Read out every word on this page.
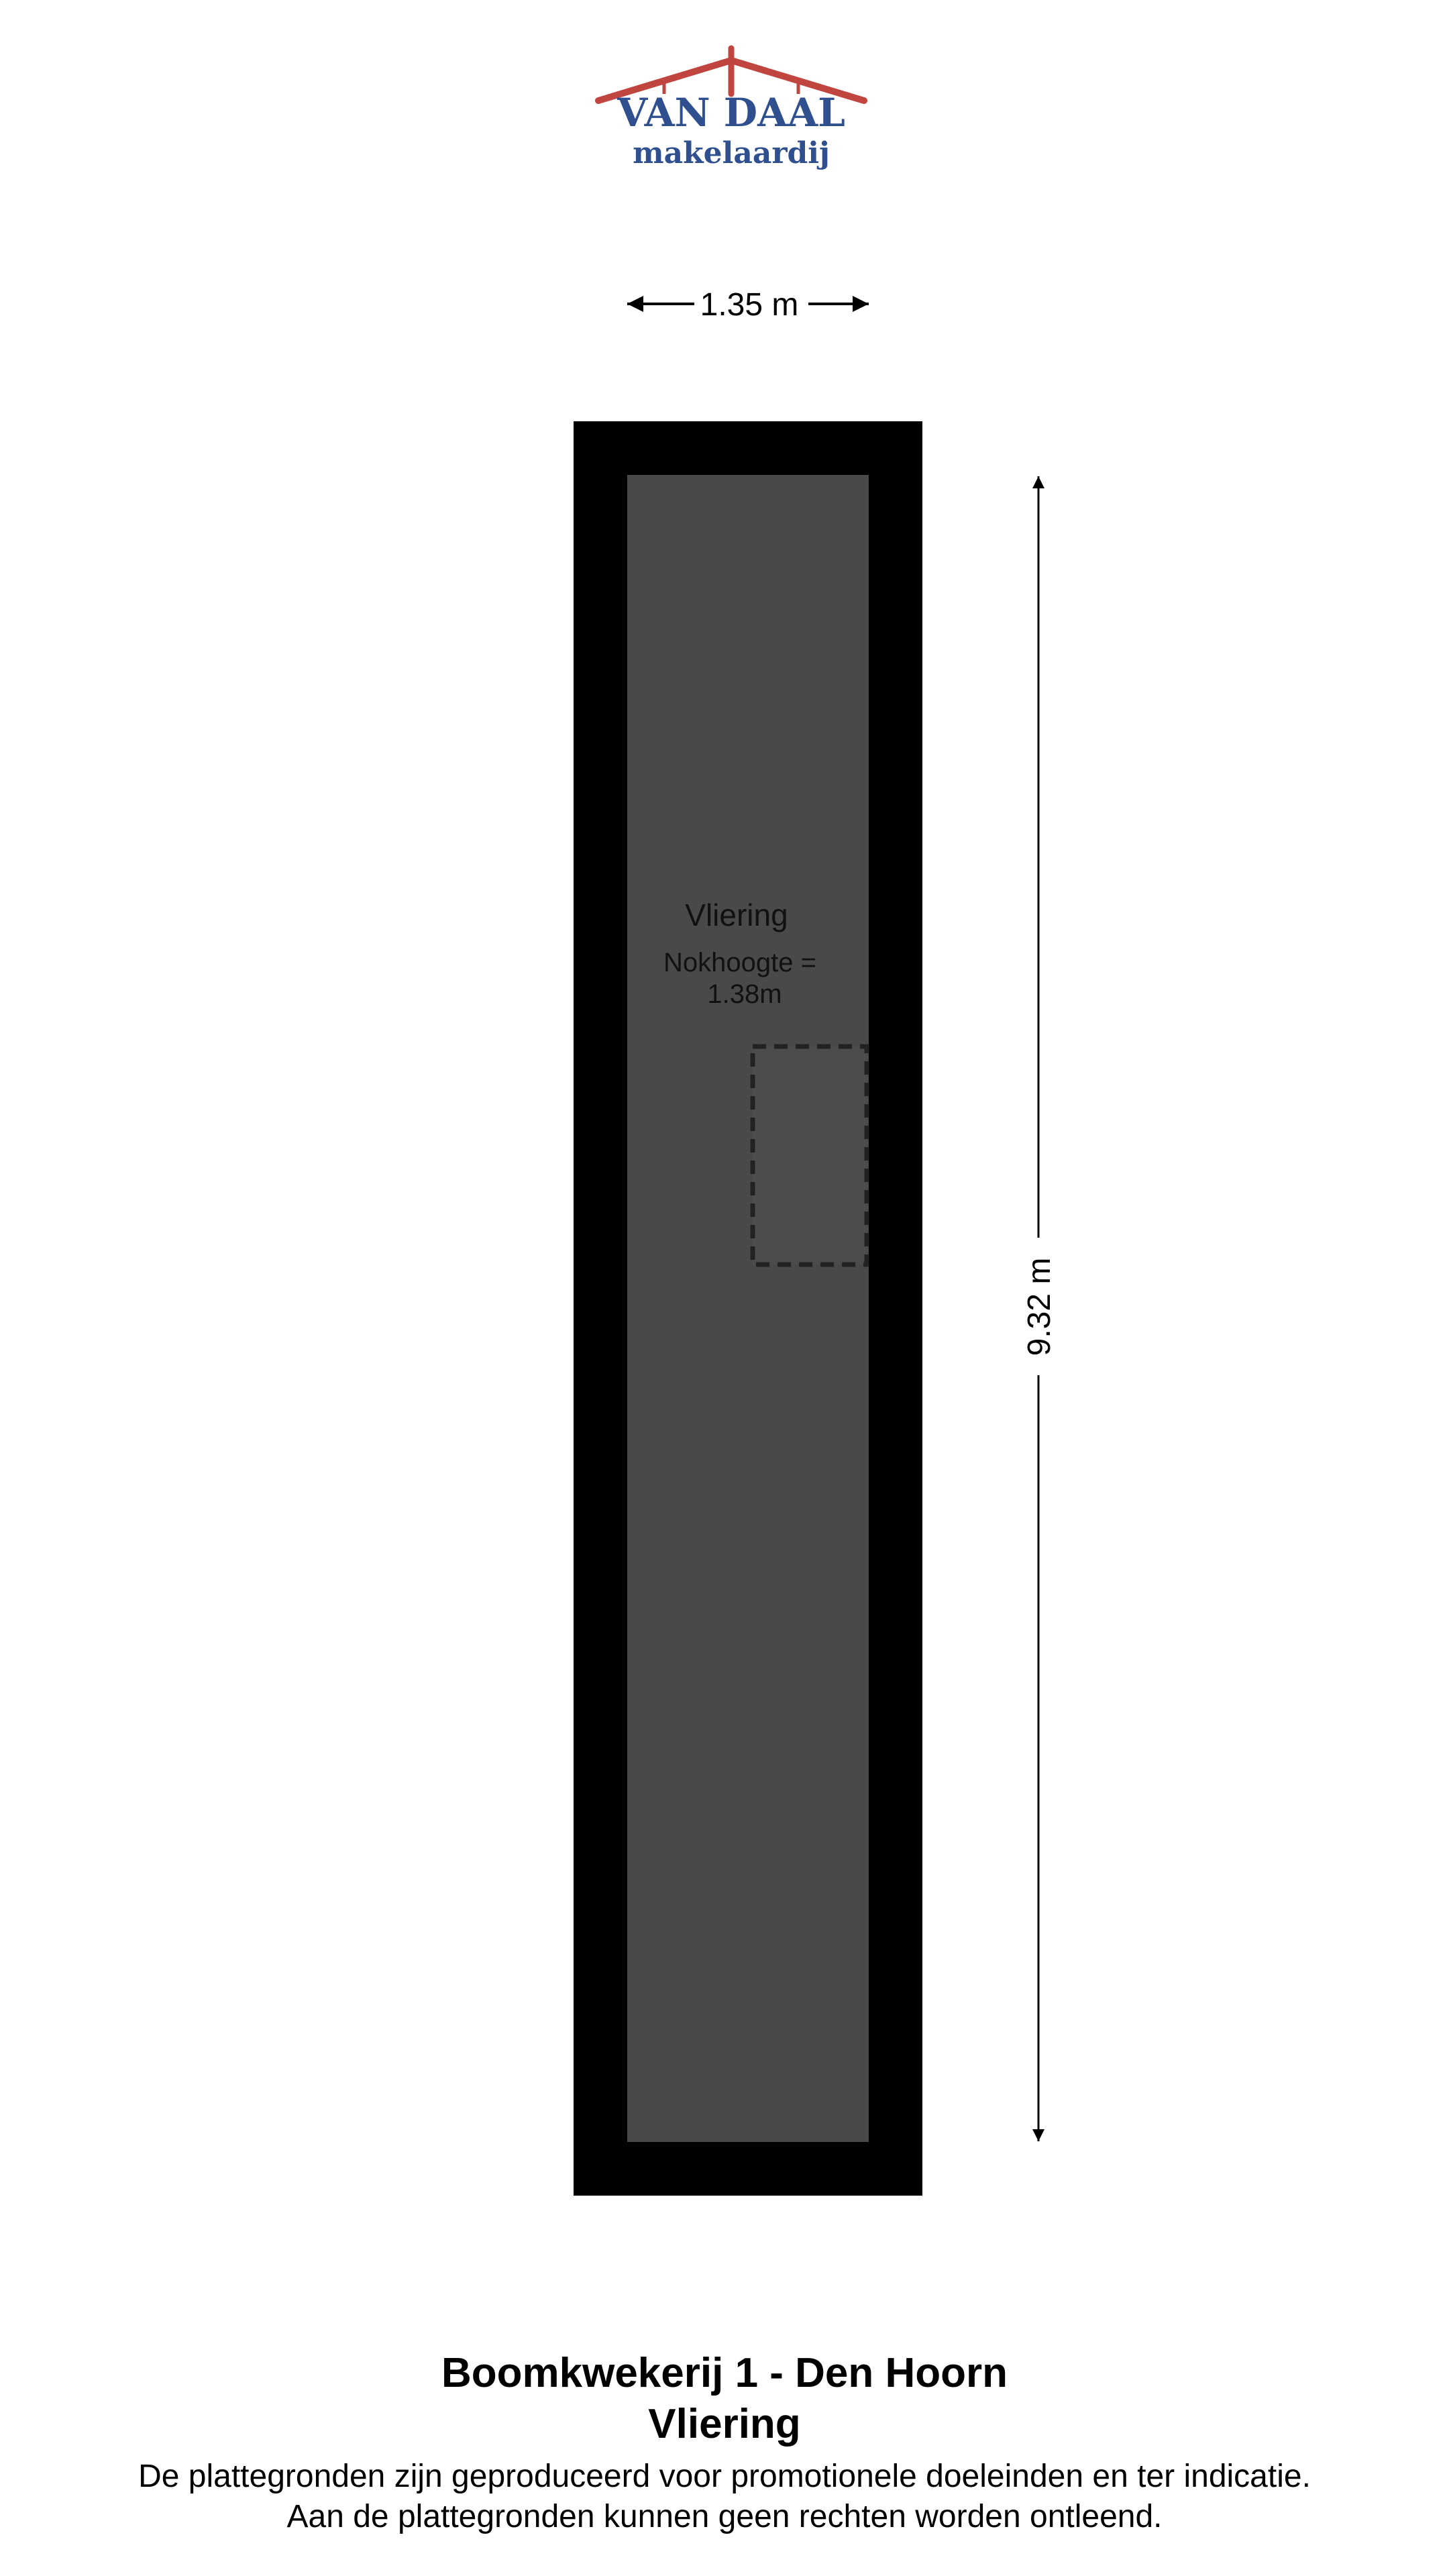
VAN DAAL
makelaardij
1.35 m
Vliering
Nokhoogte =
1.38m
9.32 m
Boomkwekerij 1 - Den Hoorn
Vliering
De plattegronden zijn geproduceerd voor promotionele doeleinden en ter indicatie.
Aan de plattegronden kunnen geen rechten worden ontleend.
